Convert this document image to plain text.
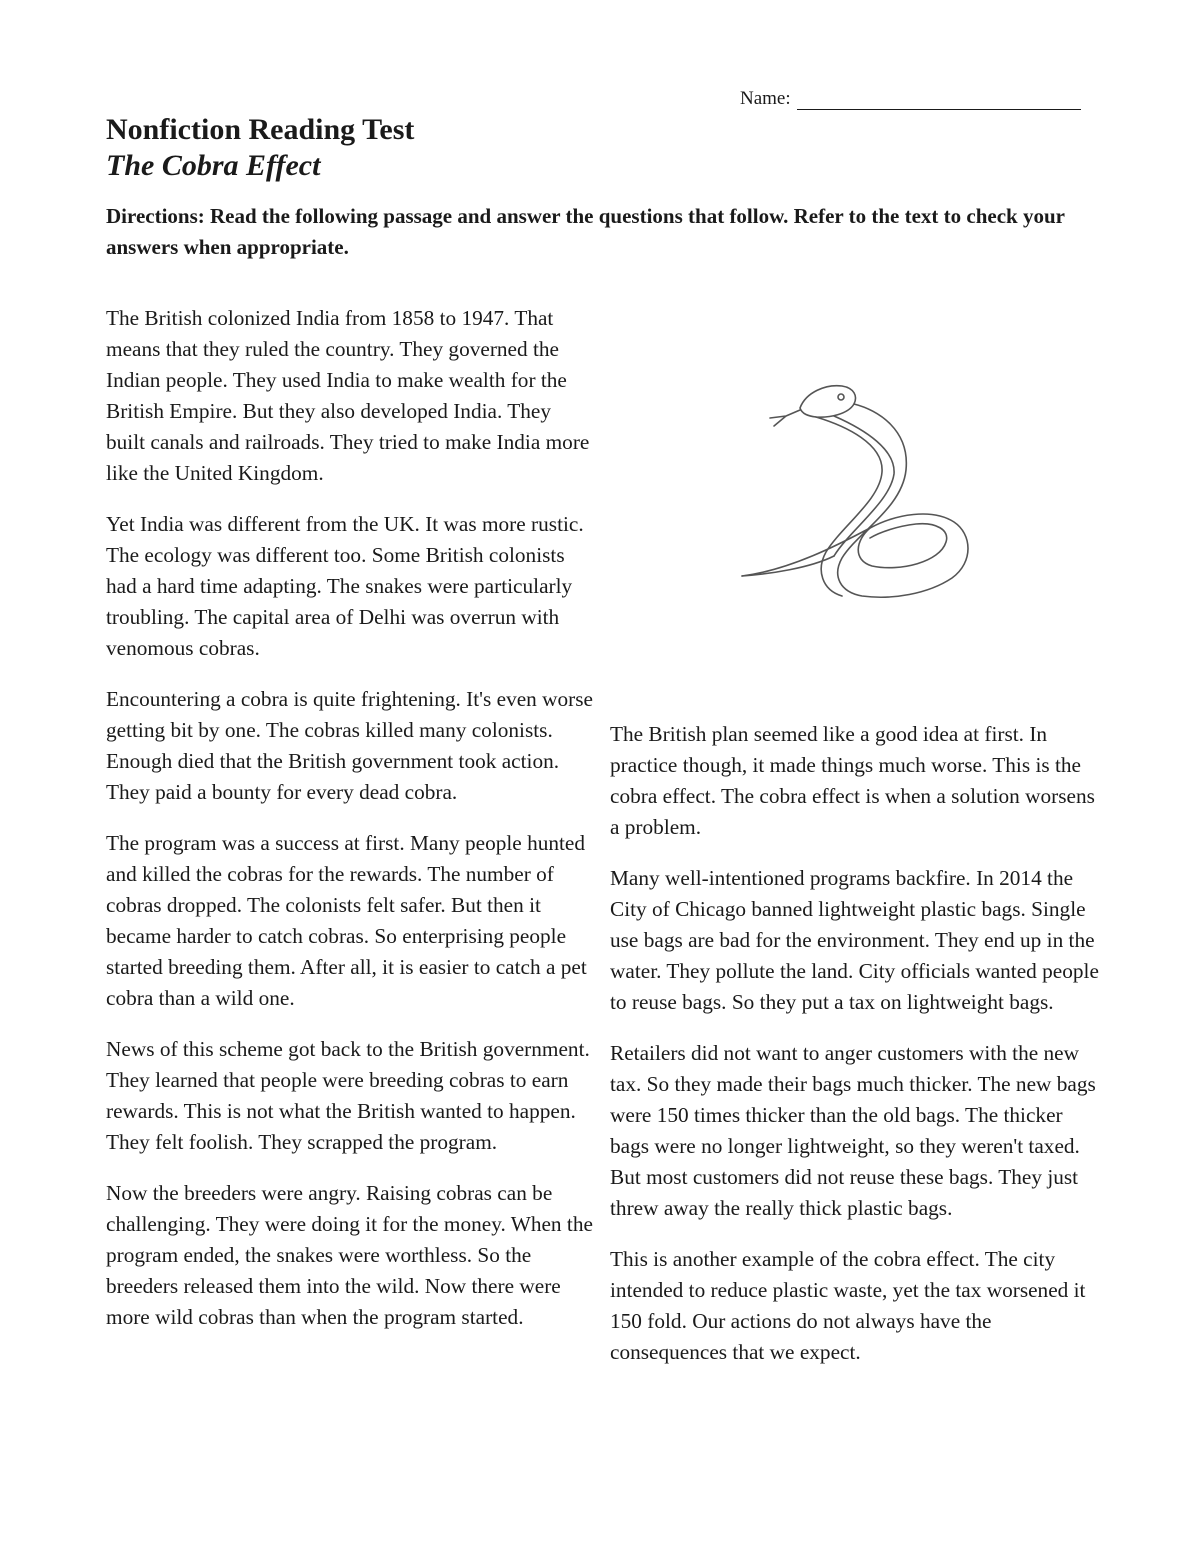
Name:
Nonfiction Reading Test
The Cobra Effect

Directions: Read the following passage and answer the questions that follow. Refer to the text to check your answers when appropriate.

The British colonized India from 1858 to 1947. That means that they ruled the country. They governed the Indian people. They used India to make wealth for the British Empire. But they also developed India. They built canals and railroads. They tried to make India more like the United Kingdom.

Yet India was different from the UK. It was more rustic. The ecology was different too. Some British colonists had a hard time adapting. The snakes were particularly troubling. The capital area of Delhi was overrun with venomous cobras.

Encountering a cobra is quite frightening. It's even worse getting bit by one. The cobras killed many colonists. Enough died that the British government took action. They paid a bounty for every dead cobra.

The program was a success at first. Many people hunted and killed the cobras for the rewards. The number of cobras dropped. The colonists felt safer. But then it became harder to catch cobras. So enterprising people started breeding them. After all, it is easier to catch a pet cobra than a wild one.

News of this scheme got back to the British government. They learned that people were breeding cobras to earn rewards. This is not what the British wanted to happen. They felt foolish. They scrapped the program.

Now the breeders were angry. Raising cobras can be challenging. They were doing it for the money. When the program ended, the snakes were worthless. So the breeders released them into the wild. Now there were more wild cobras than when the program started.

The British plan seemed like a good idea at first. In practice though, it made things much worse. This is the cobra effect. The cobra effect is when a solution worsens a problem.

Many well-intentioned programs backfire. In 2014 the City of Chicago banned lightweight plastic bags. Single use bags are bad for the environment. They end up in the water. They pollute the land. City officials wanted people to reuse bags. So they put a tax on lightweight bags.

Retailers did not want to anger customers with the new tax. So they made their bags much thicker. The new bags were 150 times thicker than the old bags. The thicker bags were no longer lightweight, so they weren't taxed. But most customers did not reuse these bags. They just threw away the really thick plastic bags.

This is another example of the cobra effect. The city intended to reduce plastic waste, yet the tax worsened it 150 fold. Our actions do not always have the consequences that we expect.
